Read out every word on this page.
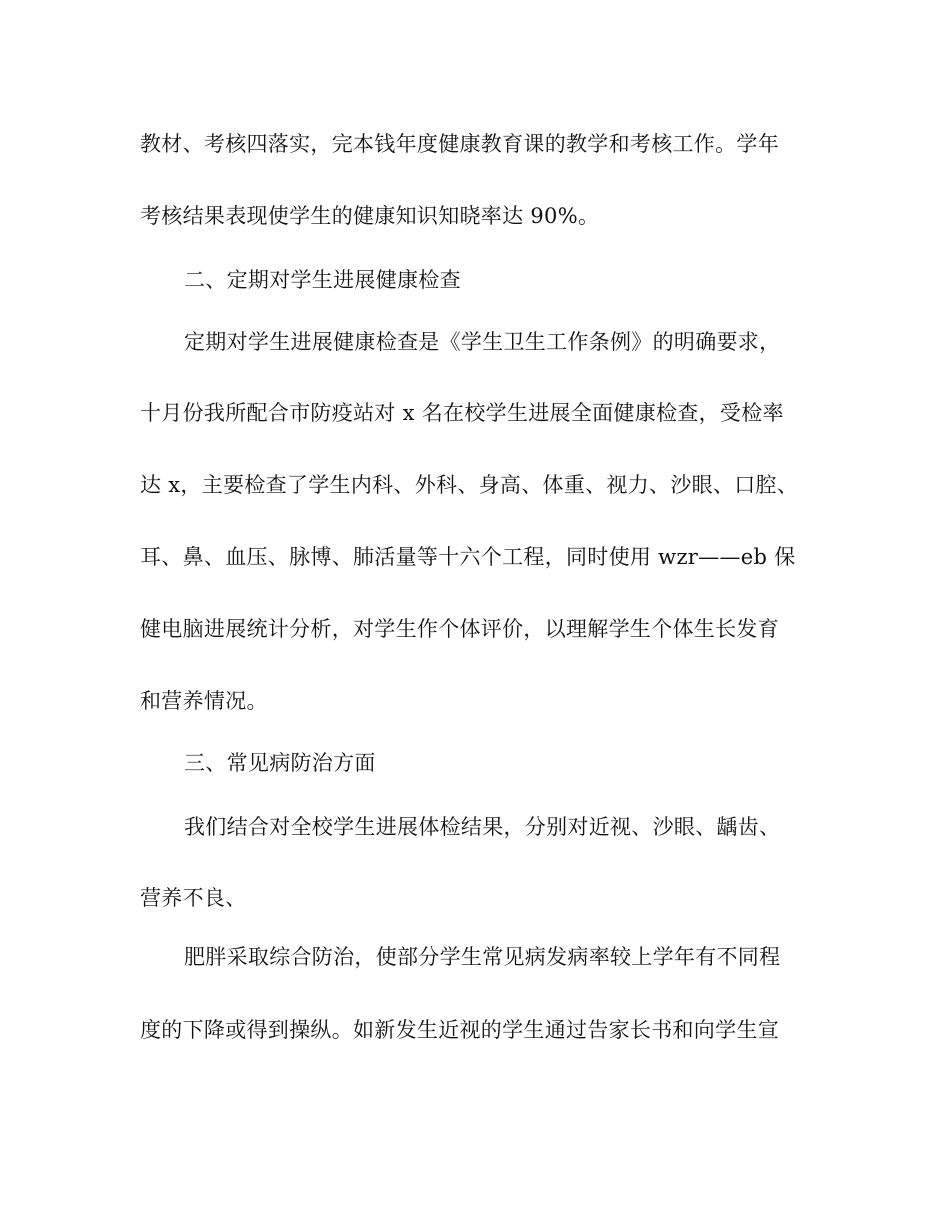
教材、考核四落实，完本钱年度健康教育课的教学和考核工作。学年
考核结果表现使学生的健康知识知晓率达 90%。
二、定期对学生进展健康检查
定期对学生进展健康检查是《学生卫生工作条例》的明确要求，
十月份我所配合市防疫站对 x 名在校学生进展全面健康检查，受检率
达 x，主要检查了学生内科、外科、身高、体重、视力、沙眼、口腔、
耳、鼻、血压、脉博、肺活量等十六个工程，同时使用 wzr——eb 保
健电脑进展统计分析，对学生作个体评价，以理解学生个体生长发育
和营养情况。
三、常见病防治方面
我们结合对全校学生进展体检结果，分别对近视、沙眼、龋齿、
营养不良、
肥胖采取综合防治，使部分学生常见病发病率较上学年有不同程
度的下降或得到操纵。如新发生近视的学生通过告家长书和向学生宣
